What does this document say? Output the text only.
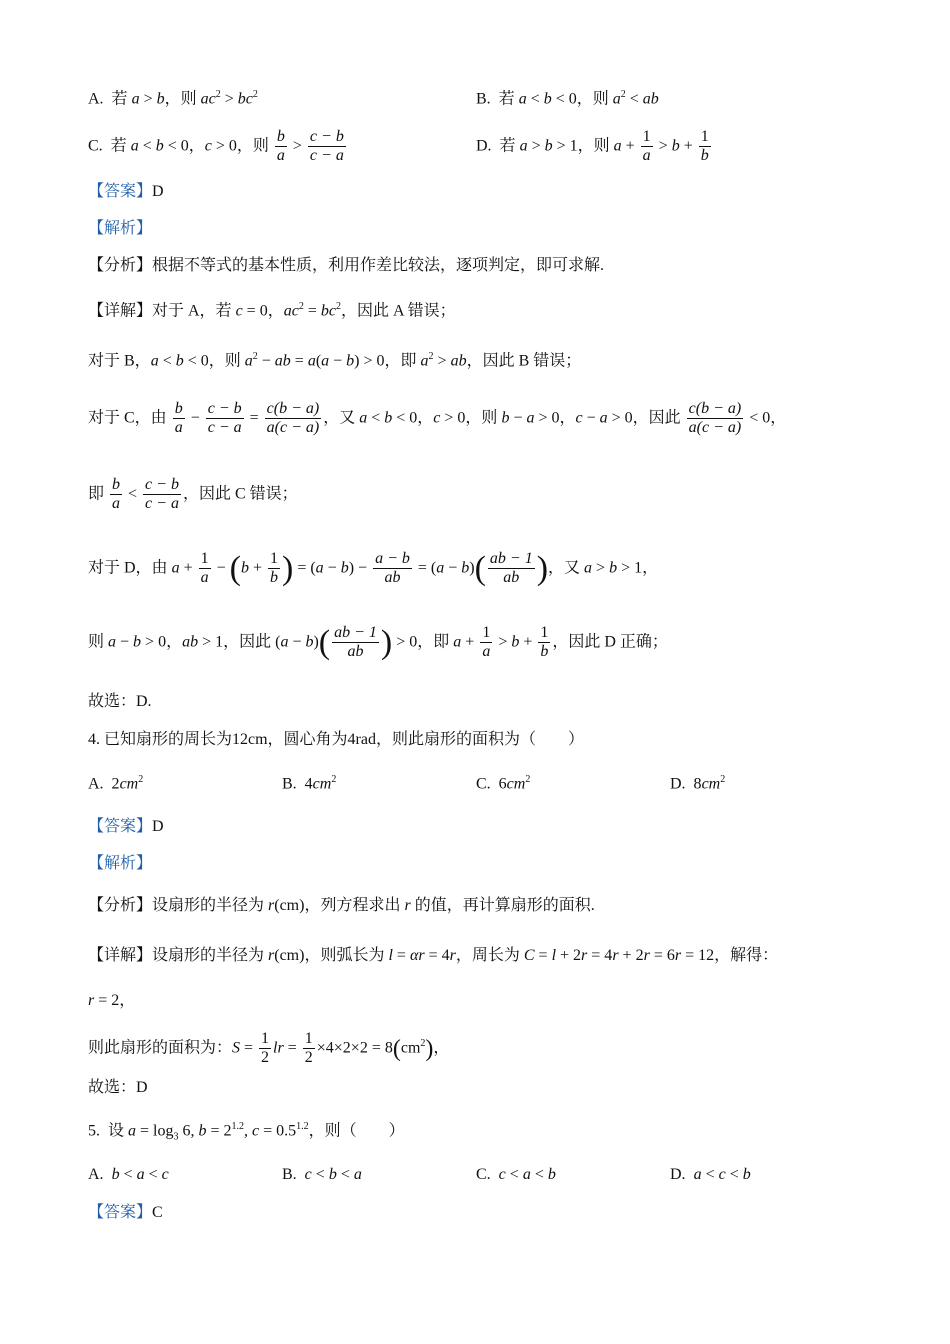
A.  若 a > b，则 $ac^2 > bc^2$	B.  若 a < b < 0，则 $a^2$ < ab
C.  若 a < b < 0，c > 0，则 $\frac{b}{a} > \frac{c - b}{c - a}$	D.  若 a > b > 1，则 $a + \frac{1}{a} > b + \frac{1}{b}$
【答案】D
【解析】
【分析】根据不等式的基本性质，利用作差比较法，逐项判定，即可求解.
【详解】对于 A，若 c = 0，$ac^2 = bc^2$，因此 A 错误；
对于 B，a < b < 0，则 $a^2$ − ab = a(a − b) > 0，即 $a^2$ > ab，因此 B 错误；
对于 C，由 $\frac{b}{a} - \frac{c - b}{c - a} = \frac{c(b - a)}{a(c - a)}$ ，又 a < b < 0，c > 0，则 b − a > 0，c − a > 0，因此 $\frac{c(b - a)}{a(c - a)} < 0$，
即 $\frac{b}{a} < \frac{c - b}{c - a}$ ，因此 C 错误；
对于 D，由 $a + \frac{1}{a} - (b + \frac{1}{b}$ ) = $(a - b) - \frac{a - b}{ab} = (a - b)( \frac{ab - 1}{ab}$ )，又 a > b > 1，
则 a − b > 0，ab > 1，因此 $(a - b)( \frac{ab - 1}{ab}$ ) > 0，即 $a + \frac{1}{a} > b + \frac{1}{b}$ ，因此 D 正确；
故选：D.
4. 已知扇形的周长为12cm，圆心角为4rad，则此扇形的面积为（　　）
A.  $2cm^2$	B.  $4cm^2$	C.  $6cm^2$	D.  $8cm^2$
【答案】D
【解析】
【分析】设扇形的半径为 r(cm)，列方程求出 r 的值，再计算扇形的面积.
【详解】设扇形的半径为 r(cm)，则弧长为 l = αr = 4r，周长为 C = l + 2r = 4r + 2r = 6r = 12，解得：
r = 2，
则此扇形的面积为：$S = \frac{1}{2}$ lr = $\frac{1}{2} \times 4\times 2\times 2 = 8(cm^2)$，
故选：D
5.  设 $a = \log_3 6$, $b = 2^{1.2}$, $c = 0.5^{1.2}$，则（　　）
A.  b < a < c	B.  c < b < a	C.  c < a < b	D.  a < c < b
【答案】C
